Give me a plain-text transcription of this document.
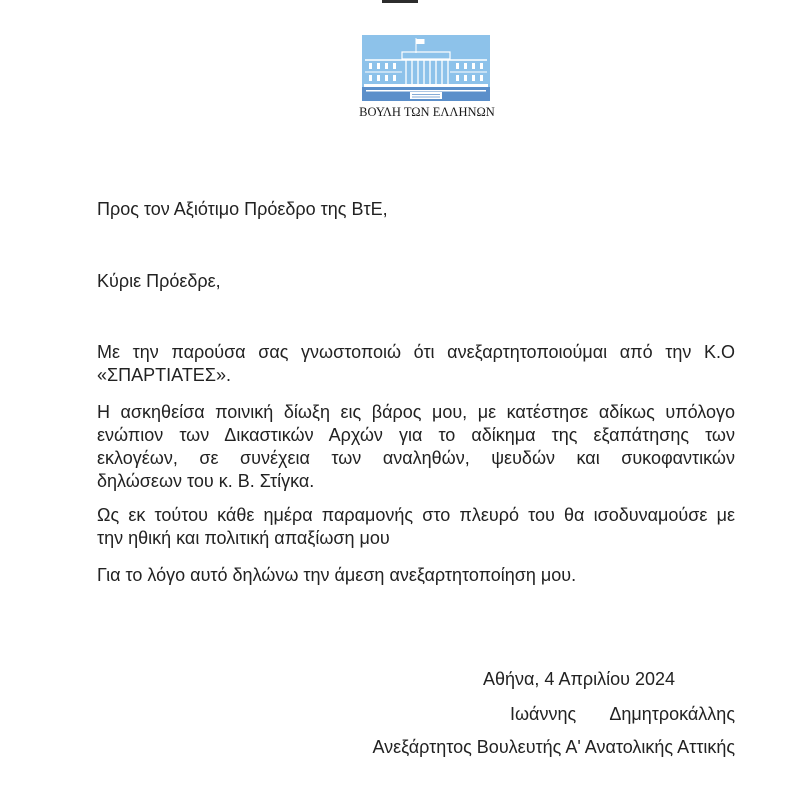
ΒΟΥΛΗ ΤΩΝ ΕΛΛΗΝΩΝ
Προς τον Αξιότιμο Πρόεδρο της ΒτΕ,
Κύριε Πρόεδρε,
Με την παρούσα σας γνωστοποιώ ότι ανεξαρτητοποιούμαι από την Κ.Ο
«ΣΠΑΡΤΙΑΤΕΣ».
Η ασκηθείσα ποινική δίωξη εις βάρος μου, με κατέστησε αδίκως υπόλογο
ενώπιον των Δικαστικών Αρχών για το αδίκημα της εξαπάτησης των
εκλογέων, σε συνέχεια των αναληθών, ψευδών και συκοφαντικών
δηλώσεων του κ. Β. Στίγκα.
Ως εκ τούτου κάθε ημέρα παραμονής στο πλευρό του θα ισοδυναμούσε με
την ηθική και πολιτική απαξίωση μου
Για το λόγο αυτό δηλώνω την άμεση ανεξαρτητοποίηση μου.
Αθήνα, 4 Απριλίου 2024
Ιωάννης Δημητροκάλλης
Ανεξάρτητος Βουλευτής Α' Ανατολικής Αττικής
